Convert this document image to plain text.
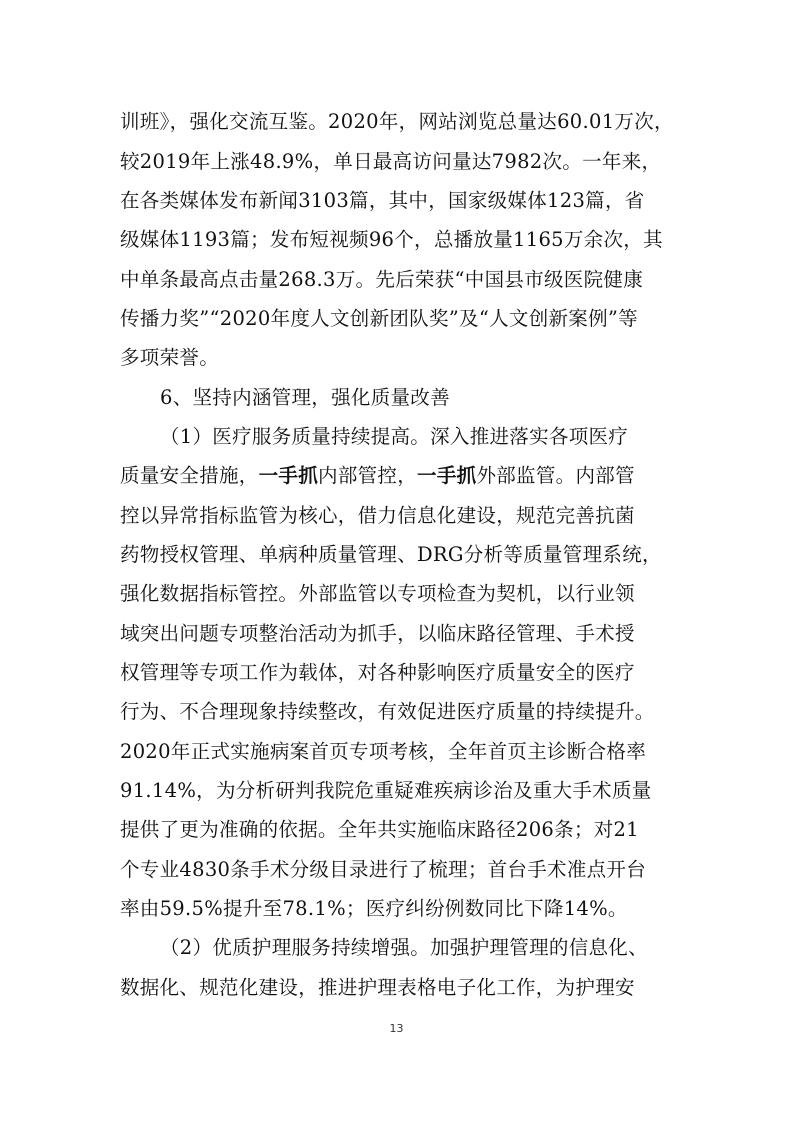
训班》，强化交流互鉴。2020年，网站浏览总量达60.01万次，
较2019年上涨48.9%，单日最高访问量达7982次。一年来，
在各类媒体发布新闻3103篇，其中，国家级媒体123篇，省
级媒体1193篇；发布短视频96个，总播放量1165万余次，其
中单条最高点击量268.3万。先后荣获“中国县市级医院健康
传播力奖”“2020年度人文创新团队奖”及“人文创新案例”等
多项荣誉。
6、坚持内涵管理，强化质量改善
（1）医疗服务质量持续提高。深入推进落实各项医疗
质量安全措施，一手抓内部管控，一手抓外部监管。内部管
控以异常指标监管为核心，借力信息化建设，规范完善抗菌
药物授权管理、单病种质量管理、DRG分析等质量管理系统，
强化数据指标管控。外部监管以专项检查为契机，以行业领
域突出问题专项整治活动为抓手，以临床路径管理、手术授
权管理等专项工作为载体，对各种影响医疗质量安全的医疗
行为、不合理现象持续整改，有效促进医疗质量的持续提升。
2020年正式实施病案首页专项考核，全年首页主诊断合格率
91.14%，为分析研判我院危重疑难疾病诊治及重大手术质量
提供了更为准确的依据。全年共实施临床路径206条；对21
个专业4830条手术分级目录进行了梳理；首台手术准点开台
率由59.5%提升至78.1%；医疗纠纷例数同比下降14%。
（2）优质护理服务持续增强。加强护理管理的信息化、
数据化、规范化建设，推进护理表格电子化工作，为护理安
13
